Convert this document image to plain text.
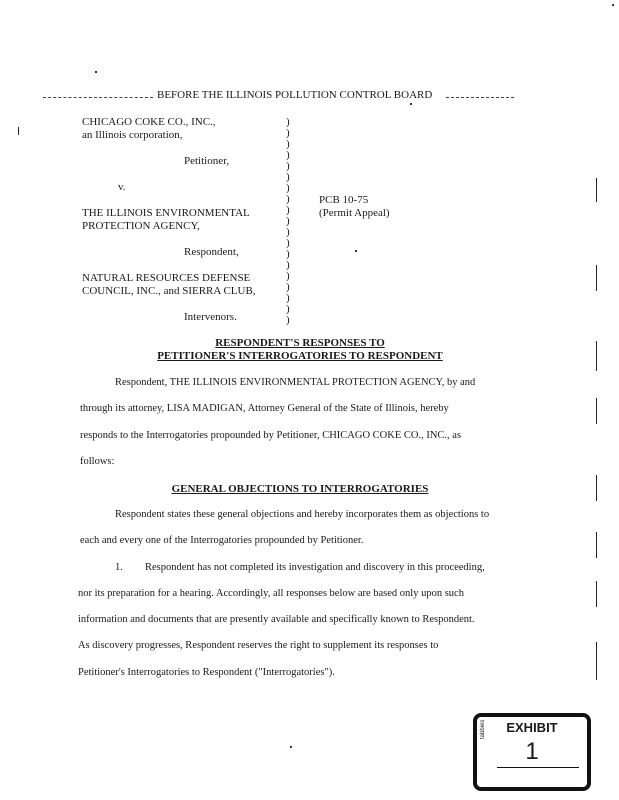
BEFORE THE ILLINOIS POLLUTION CONTROL BOARD
CHICAGO COKE CO., INC.,
an Illinois corporation,
Petitioner,
v.
THE ILLINOIS ENVIRONMENTAL
PROTECTION AGENCY,
Respondent,
NATURAL RESOURCES DEFENSE
COUNCIL, INC., and SIERRA CLUB,
Intervenors.
)
)
)
)
)
)
)
)
)
)
)
)
)
)
)
)
)
)
)
PCB 10-75
(Permit Appeal)
RESPONDENT'S RESPONSES TO
PETITIONER'S INTERROGATORIES TO RESPONDENT
Respondent, THE ILLINOIS ENVIRONMENTAL PROTECTION AGENCY, by and
through its attorney, LISA MADIGAN, Attorney General of the State of Illinois, hereby
responds to the Interrogatories propounded by Petitioner, CHICAGO COKE CO., INC., as
follows:
GENERAL OBJECTIONS TO INTERROGATORIES
Respondent states these general objections and hereby incorporates them as objections to
each and every one of the Interrogatories propounded by Petitioner.
1. Respondent has not completed its investigation and discovery in this proceeding,
nor its preparation for a hearing. Accordingly, all responses below are based only upon such
information and documents that are presently available and specifically known to Respondent.
As discovery progresses, Respondent reserves the right to supplement its responses to
Petitioner's Interrogatories to Respondent ("Interrogatories").
EXHIBIT
tabbies
1
